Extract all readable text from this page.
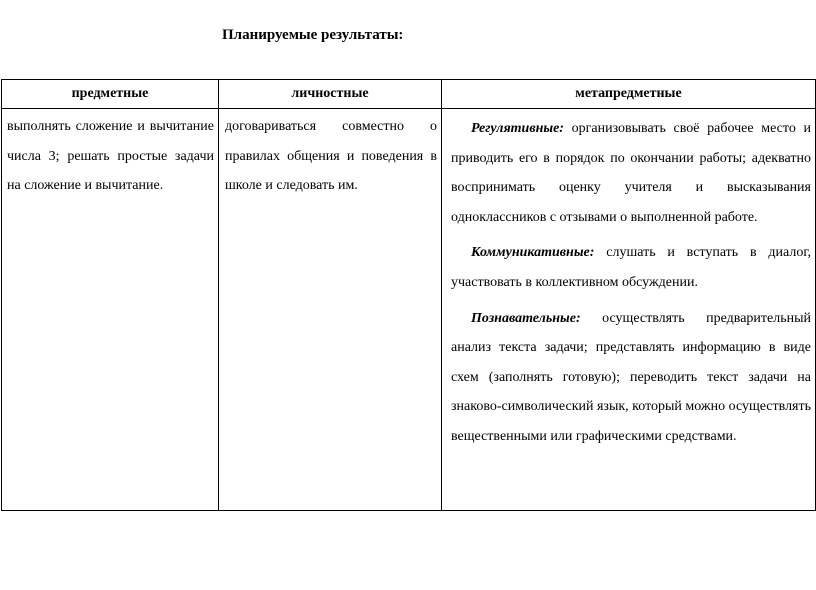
Планируемые результаты:
предметные	личностные	метапредметные

выполнять сложение и вычитание числа 3; решать простые задачи на сложение и вычитание.	договариваться совместно о правилах общения и поведения в школе и следовать им.	Регулятивные: организовывать своё рабочее место и приводить его в порядок по окончании работы; адекватно воспринимать оценку учителя и высказывания одноклассников с отзывами о выполненной работе.

Коммуникативные: слушать и вступать в диалог, участвовать в коллективном обсуждении.

Познавательные: осуществлять предварительный анализ текста задачи; представлять информацию в виде схем (заполнять готовую); переводить текст задачи на знаково-символический язык, который можно осуществлять вещественными или графическими средствами.
